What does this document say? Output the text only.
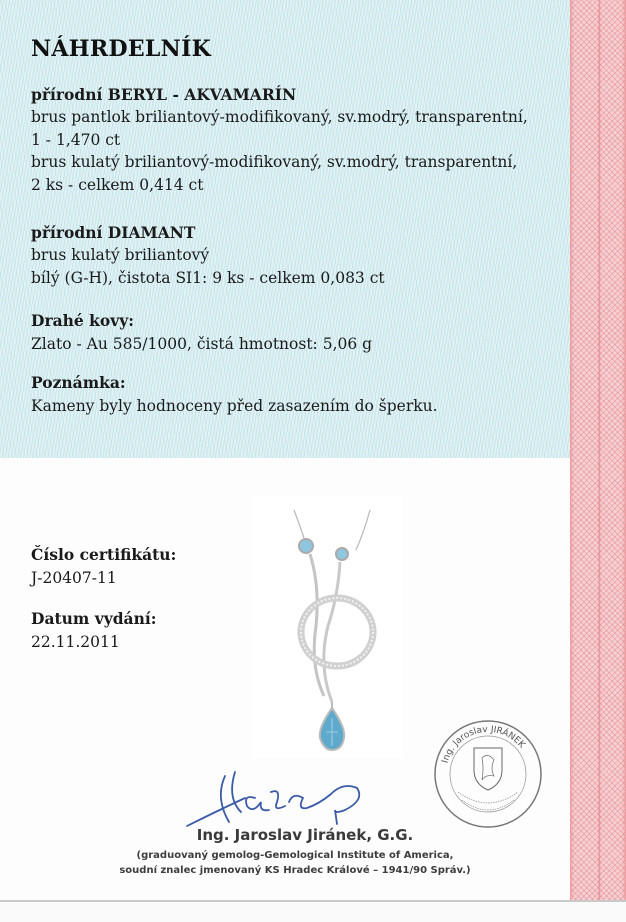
NÁHRDELNÍK
přírodní BERYL - AKVAMARÍN
brus pantlok briliantový-modifikovaný, sv.modrý, transparentní,
1 - 1,470 ct
brus kulatý briliantový-modifikovaný, sv.modrý, transparentní,
2 ks - celkem 0,414 ct
přírodní DIAMANT
brus kulatý briliantový
bílý (G-H), čistota SI1: 9 ks - celkem 0,083 ct
Drahé kovy:
Zlato - Au 585/1000, čistá hmotnost: 5,06 g
Poznámka:
Kameny byly hodnoceny před zasazením do šperku.
Číslo certifikátu:
J-20407-11
Datum vydání:
22.11.2011
Ing. Jaroslav JIRÁNEK
Ing. Jaroslav Jiránek, G.G.
(graduovaný gemolog-Gemological Institute of America,
soudní znalec jmenovaný KS Hradec Králové – 1941/90 Správ.)
